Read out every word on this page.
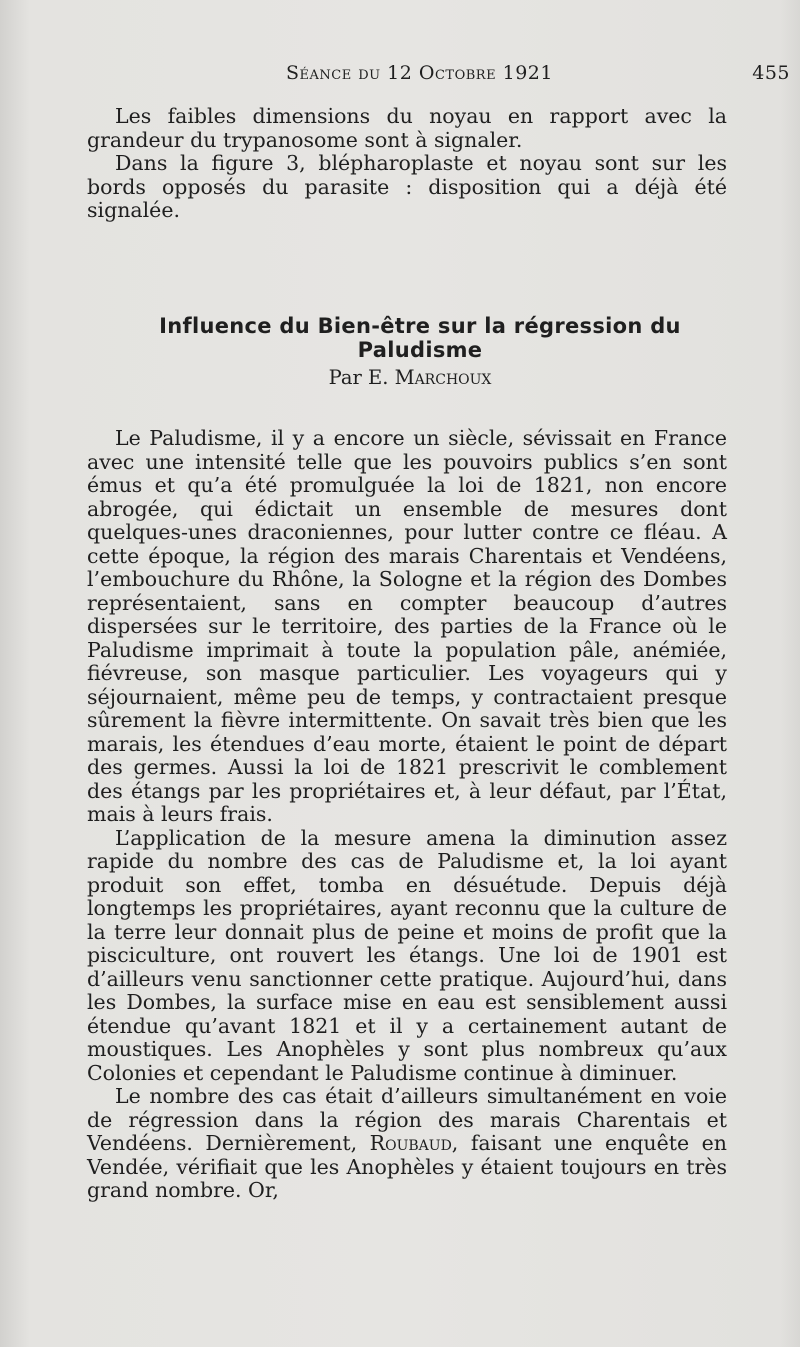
Séance du 12 Octobre 1921	455

Les faibles dimensions du noyau en rapport avec la grandeur du trypanosome sont à signaler.

Dans la figure 3, blépharoplaste et noyau sont sur les bords opposés du parasite : disposition qui a déjà été signalée.

Influence du Bien-être sur la régression du Paludisme
Par E. Marchoux

Le Paludisme, il y a encore un siècle, sévissait en France avec une intensité telle que les pouvoirs publics s’en sont émus et qu’a été promulguée la loi de 1821, non encore abrogée, qui édictait un ensemble de mesures dont quelques-unes draconiennes, pour lutter contre ce fléau. A cette époque, la région des marais Charentais et Vendéens, l’embouchure du Rhône, la Sologne et la région des Dombes représentaient, sans en compter beaucoup d’autres dispersées sur le territoire, des parties de la France où le Paludisme imprimait à toute la population pâle, anémiée, fiévreuse, son masque particulier. Les voyageurs qui y séjournaient, même peu de temps, y contractaient presque sûrement la fièvre intermittente. On savait très bien que les marais, les étendues d’eau morte, étaient le point de départ des germes. Aussi la loi de 1821 prescrivit le comblement des étangs par les propriétaires et, à leur défaut, par l’État, mais à leurs frais.

L’application de la mesure amena la diminution assez rapide du nombre des cas de Paludisme et, la loi ayant produit son effet, tomba en désuétude. Depuis déjà longtemps les propriétaires, ayant reconnu que la culture de la terre leur donnait plus de peine et moins de profit que la pisciculture, ont rouvert les étangs. Une loi de 1901 est d’ailleurs venu sanctionner cette pratique. Aujourd’hui, dans les Dombes, la surface mise en eau est sensiblement aussi étendue qu’avant 1821 et il y a certainement autant de moustiques. Les Anophèles y sont plus nombreux qu’aux Colonies et cependant le Paludisme continue à diminuer.

Le nombre des cas était d’ailleurs simultanément en voie de régression dans la région des marais Charentais et Vendéens. Dernièrement, Roubaud, faisant une enquête en Vendée, vérifiait que les Anophèles y étaient toujours en très grand nombre. Or,
